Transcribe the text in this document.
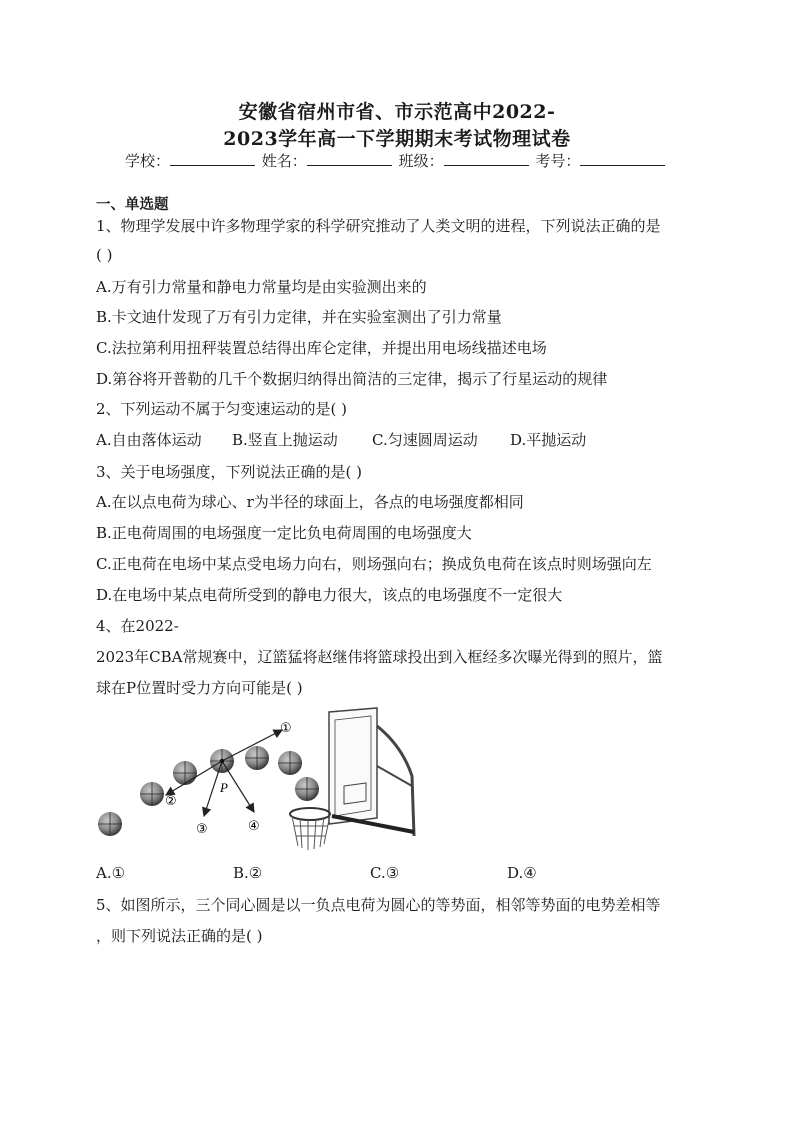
安徽省宿州市省、市示范高中2022-
2023学年高一下学期期末考试物理试卷
学校：	姓名：	班级：	考号：
一、单选题
1、物理学发展中许多物理学家的科学研究推动了人类文明的进程，下列说法正确的是
( )
A.万有引力常量和静电力常量均是由实验测出来的
B.卡文迪什发现了万有引力定律，并在实验室测出了引力常量
C.法拉第利用扭秤装置总结得出库仑定律，并提出用电场线描述电场
D.第谷将开普勒的几千个数据归纳得出简洁的三定律，揭示了行星运动的规律
2、下列运动不属于匀变速运动的是( )
A.自由落体运动 B.竖直上抛运动 C.匀速圆周运动 D.平抛运动
3、关于电场强度，下列说法正确的是( )
A.在以点电荷为球心、r为半径的球面上，各点的电场强度都相同
B.正电荷周围的电场强度一定比负电荷周围的电场强度大
C.正电荷在电场中某点受电场力向右，则场强向右；换成负电荷在该点时则场强向左
D.在电场中某点电荷所受到的静电力很大，该点的电场强度不一定很大
4、在2022-
2023年CBA常规赛中，辽篮猛将赵继伟将篮球投出到入框经多次曝光得到的照片，篮
球在P位置时受力方向可能是( )
P
①
②
③	④
A.①	B.②	C.③	D.④
5、如图所示，三个同心圆是以一负点电荷为圆心的等势面，相邻等势面的电势差相等
，则下列说法正确的是( )
